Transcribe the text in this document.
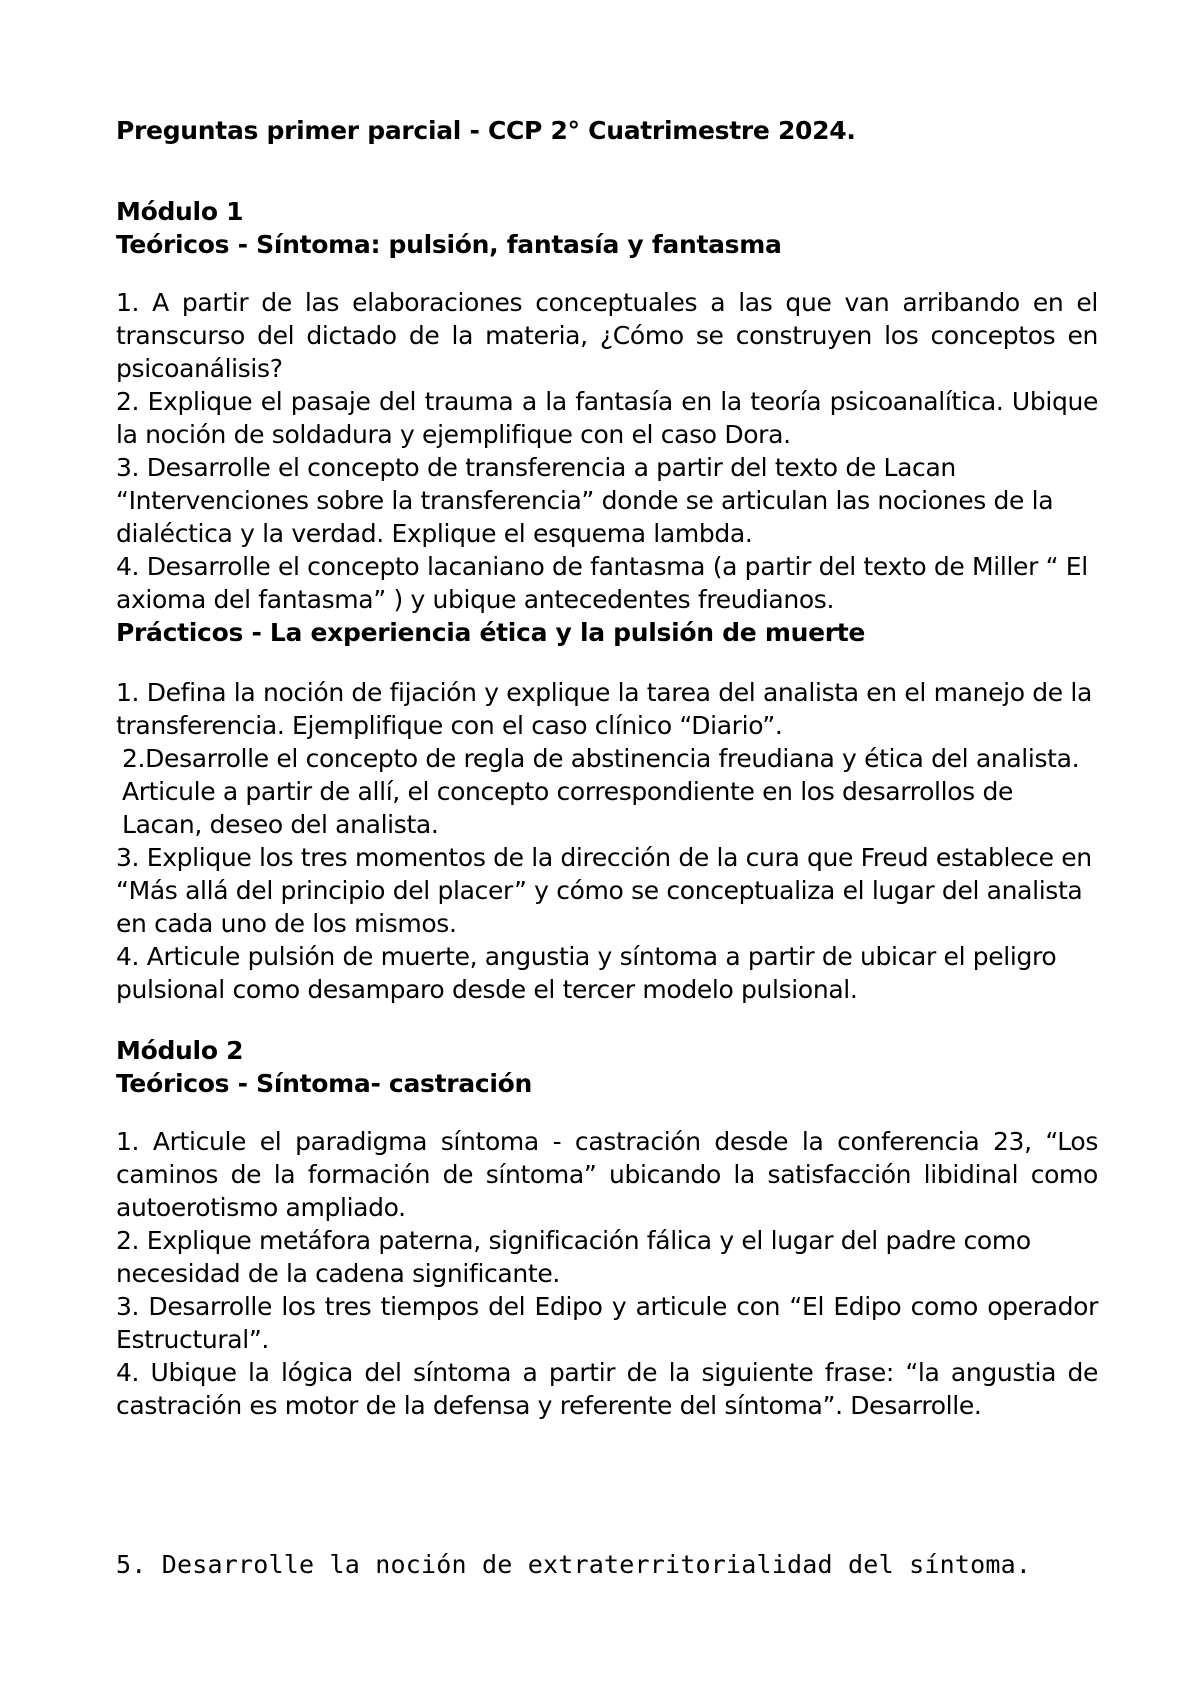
Preguntas primer parcial - CCP 2° Cuatrimestre 2024.
Módulo 1
Teóricos - Síntoma: pulsión, fantasía y fantasma

1. A partir de las elaboraciones conceptuales a las que van arribando en el transcurso del dictado de la materia, ¿Cómo se construyen los conceptos en psicoanálisis?

2. Explique el pasaje del trauma a la fantasía en la teoría psicoanalítica. Ubique la noción de soldadura y ejemplifique con el caso Dora.

3. Desarrolle el concepto de transferencia a partir del texto de Lacan “Intervenciones sobre la transferencia” donde se articulan las nociones de la dialéctica y la verdad. Explique el esquema lambda.

4. Desarrolle el concepto lacaniano de fantasma (a partir del texto de Miller “ El axioma del fantasma” ) y ubique antecedentes freudianos.

Prácticos - La experiencia ética y la pulsión de muerte

1. Defina la noción de fijación y explique la tarea del analista en el manejo de la transferencia. Ejemplifique con el caso clínico “Diario”.

2.Desarrolle el concepto de regla de abstinencia freudiana y ética del analista. Articule a partir de allí, el concepto correspondiente en los desarrollos de Lacan, deseo del analista.

3. Explique los tres momentos de la dirección de la cura que Freud establece en “Más allá del principio del placer” y cómo se conceptualiza el lugar del analista en cada uno de los mismos.

4. Articule pulsión de muerte, angustia y síntoma a partir de ubicar el peligro pulsional como desamparo desde el tercer modelo pulsional.

Módulo 2
Teóricos - Síntoma- castración

1. Articule el paradigma síntoma - castración desde la conferencia 23, “Los caminos de la formación de síntoma” ubicando la satisfacción libidinal como autoerotismo ampliado.

2. Explique metáfora paterna, significación fálica y el lugar del padre como necesidad de la cadena significante.

3. Desarrolle los tres tiempos del Edipo y articule con “El Edipo como operador Estructural”.

4. Ubique la lógica del síntoma a partir de la siguiente frase: “la angustia de castración es motor de la defensa y referente del síntoma”. Desarrolle.

5. Desarrolle la noción de extraterritorialidad del síntoma.
